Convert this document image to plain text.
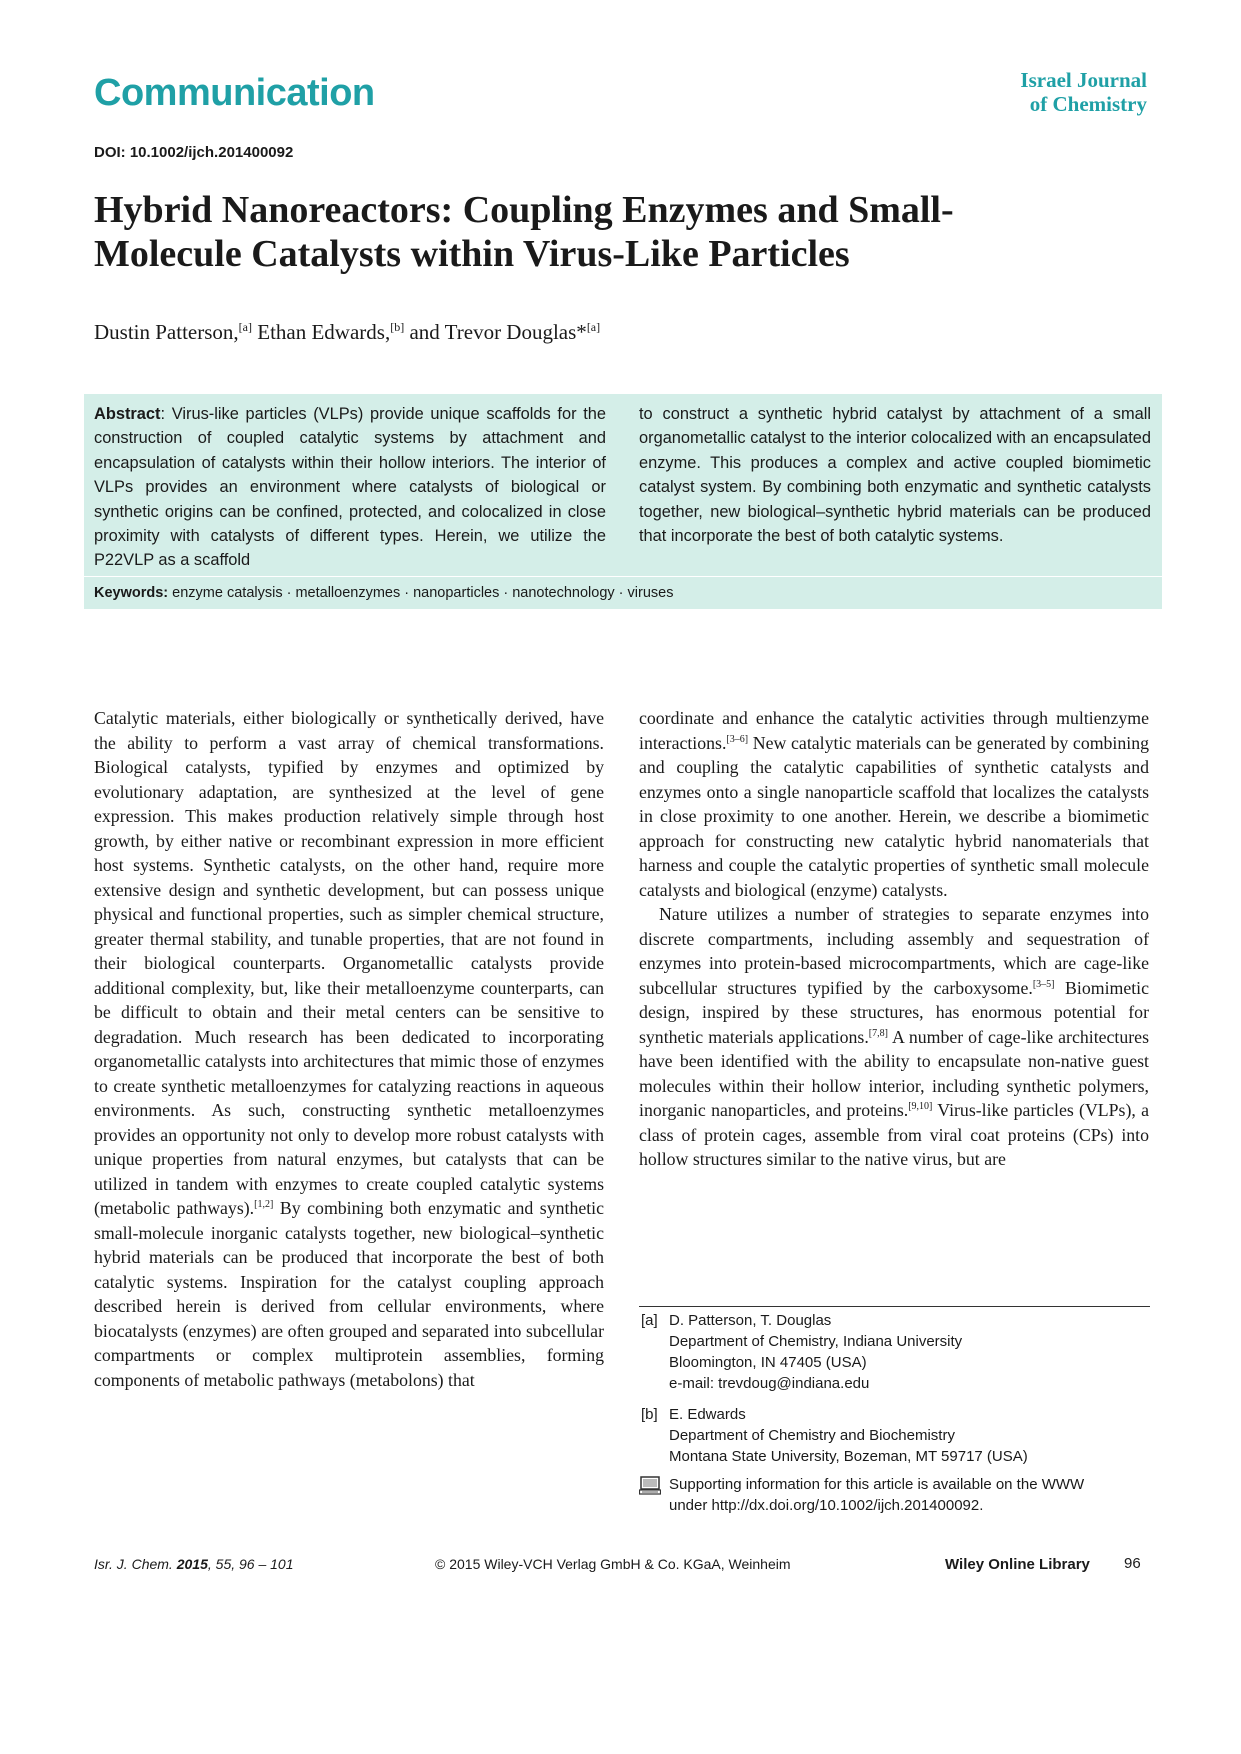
Communication	Israel Journal
of Chemistry
DOI: 10.1002/ijch.201400092
Hybrid Nanoreactors: Coupling Enzymes and Small-Molecule Catalysts within Virus-Like Particles
Dustin Patterson,[a] Ethan Edwards,[b] and Trevor Douglas*[a]
Abstract: Virus-like particles (VLPs) provide unique scaffolds for the construction of coupled catalytic systems by attachment and encapsulation of catalysts within their hollow interiors. The interior of VLPs provides an environment where catalysts of biological or synthetic origins can be confined, protected, and colocalized in close proximity with catalysts of different types. Herein, we utilize the P22VLP as a scaffold
to construct a synthetic hybrid catalyst by attachment of a small organometallic catalyst to the interior colocalized with an encapsulated enzyme. This produces a complex and active coupled biomimetic catalyst system. By combining both enzymatic and synthetic catalysts together, new biological–synthetic hybrid materials can be produced that incorporate the best of both catalytic systems.
Keywords: enzyme catalysis · metalloenzymes · nanoparticles · nanotechnology · viruses

Catalytic materials, either biologically or synthetically derived, have the ability to perform a vast array of chemical transformations. Biological catalysts, typified by enzymes and optimized by evolutionary adaptation, are synthesized at the level of gene expression. This makes production relatively simple through host growth, by either native or recombinant expression in more efficient host systems. Synthetic catalysts, on the other hand, require more extensive design and synthetic development, but can possess unique physical and functional properties, such as simpler chemical structure, greater thermal stability, and tunable properties, that are not found in their biological counterparts. Organometallic catalysts provide additional complexity, but, like their metalloenzyme counterparts, can be difficult to obtain and their metal centers can be sensitive to degradation. Much research has been dedicated to incorporating organometallic catalysts into architectures that mimic those of enzymes to create synthetic metalloenzymes for catalyzing reactions in aqueous environments. As such, constructing synthetic metalloenzymes provides an opportunity not only to develop more robust catalysts with unique properties from natural enzymes, but catalysts that can be utilized in tandem with enzymes to create coupled catalytic systems (metabolic pathways).[1,2] By combining both enzymatic and synthetic small-molecule inorganic catalysts together, new biological–synthetic hybrid materials can be produced that incorporate the best of both catalytic systems. Inspiration for the catalyst coupling approach described herein is derived from cellular environments, where biocatalysts (enzymes) are often grouped and separated into subcellular compartments or complex multiprotein assemblies, forming components of metabolic pathways (metabolons) that

coordinate and enhance the catalytic activities through multienzyme interactions.[3–6] New catalytic materials can be generated by combining and coupling the catalytic capabilities of synthetic catalysts and enzymes onto a single nanoparticle scaffold that localizes the catalysts in close proximity to one another. Herein, we describe a biomimetic approach for constructing new catalytic hybrid nanomaterials that harness and couple the catalytic properties of synthetic small molecule catalysts and biological (enzyme) catalysts.

Nature utilizes a number of strategies to separate enzymes into discrete compartments, including assembly and sequestration of enzymes into protein-based microcompartments, which are cage-like subcellular structures typified by the carboxysome.[3–5] Biomimetic design, inspired by these structures, has enormous potential for synthetic materials applications.[7,8] A number of cage-like architectures have been identified with the ability to encapsulate non-native guest molecules within their hollow interior, including synthetic polymers, inorganic nanoparticles, and proteins.[9,10] Virus-like particles (VLPs), a class of protein cages, assemble from viral coat proteins (CPs) into hollow structures similar to the native virus, but are

[a] D. Patterson, T. Douglas
Department of Chemistry, Indiana University
Bloomington, IN 47405 (USA)
e-mail: trevdoug@indiana.edu
[b] E. Edwards
Department of Chemistry and Biochemistry
Montana State University, Bozeman, MT 59717 (USA)
Supporting information for this article is available on the WWW
under http://dx.doi.org/10.1002/ijch.201400092.
Isr. J. Chem. 2015, 55, 96 – 101	© 2015 Wiley-VCH Verlag GmbH & Co. KGaA, Weinheim	Wiley Online Library 96
